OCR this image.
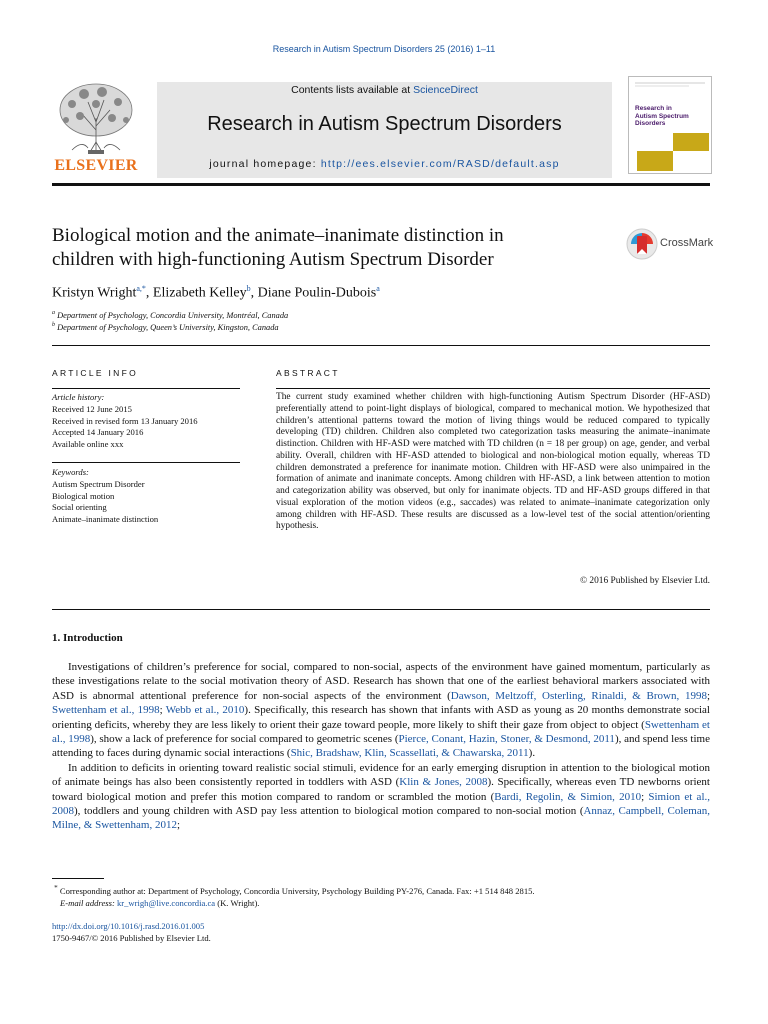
Research in Autism Spectrum Disorders 25 (2016) 1–11
ELSEVIER
Contents lists available at ScienceDirect
Research in Autism Spectrum Disorders
journal homepage: http://ees.elsevier.com/RASD/default.asp
Research in
Autism Spectrum
Disorders
Biological motion and the animate–inanimate distinction in
children with high-functioning Autism Spectrum Disorder
CrossMark
Kristyn Wright$^{a,*}$, Elizabeth Kelley$^b$, Diane Poulin-Dubois$^a$
$^a$ Department of Psychology, Concordia University, Montréal, Canada
$^b$ Department of Psychology, Queen’s University, Kingston, Canada
ARTICLE INFO	ABSTRACT
Article history:
Received 12 June 2015
Received in revised form 13 January 2016
Accepted 14 January 2016
Available online xxx
Keywords:
Autism Spectrum Disorder
Biological motion
Social orienting
Animate–inanimate distinction
The current study examined whether children with high-functioning Autism Spectrum Disorder (HF-ASD) preferentially attend to point-light displays of biological, compared to mechanical motion. We hypothesized that children’s attentional patterns toward the motion of living things would be reduced compared to typically developing (TD) children. Children also completed two categorization tasks measuring the animate–inanimate distinction. Children with HF-ASD were matched with TD children (n = 18 per group) on age, gender, and verbal ability. Overall, children with HF-ASD attended to biological and non-biological motion equally, whereas TD children demonstrated a preference for inanimate motion. Children with HF-ASD were also unimpaired in the formation of animate and inanimate concepts. Among children with HF-ASD, a link between attention to motion and categorization ability was observed, but only for inanimate objects. TD and HF-ASD groups differed in that visual exploration of the motion videos (e.g., saccades) was related to animate–inanimate categorization only among children with HF-ASD. These results are discussed as a low-level test of the social attention/orienting hypothesis.
© 2016 Published by Elsevier Ltd.
1. Introduction

Investigations of children’s preference for social, compared to non-social, aspects of the environment have gained momentum, particularly as these investigations relate to the social motivation theory of ASD. Research has shown that one of the earliest behavioral markers associated with ASD is abnormal attentional preference for non-social aspects of the environment (Dawson, Meltzoff, Osterling, Rinaldi, & Brown, 1998; Swettenham et al., 1998; Webb et al., 2010). Specifically, this research has shown that infants with ASD as young as 20 months demonstrate social orienting deficits, whereby they are less likely to orient their gaze toward people, more likely to shift their gaze from object to object (Swettenham et al., 1998), show a lack of preference for social compared to geometric scenes (Pierce, Conant, Hazin, Stoner, & Desmond, 2011), and spend less time attending to faces during dynamic social interactions (Shic, Bradshaw, Klin, Scassellati, & Chawarska, 2011).

In addition to deficits in orienting toward realistic social stimuli, evidence for an early emerging disruption in attention to the biological motion of animate beings has also been consistently reported in toddlers with ASD (Klin & Jones, 2008). Specifically, whereas even TD newborns orient toward biological motion and prefer this motion compared to random or scrambled the motion (Bardi, Regolin, & Simion, 2010; Simion et al., 2008), toddlers and young children with ASD pay less attention to biological motion compared to non-social motion (Annaz, Campbell, Coleman, Milne, & Swettenham, 2012;

* Corresponding author at: Department of Psychology, Concordia University, Psychology Building PY-276, Canada. Fax: +1 514 848 2815.
E-mail address: kr_wrigh@live.concordia.ca (K. Wright).
http://dx.doi.org/10.1016/j.rasd.2016.01.005
1750-9467/© 2016 Published by Elsevier Ltd.
